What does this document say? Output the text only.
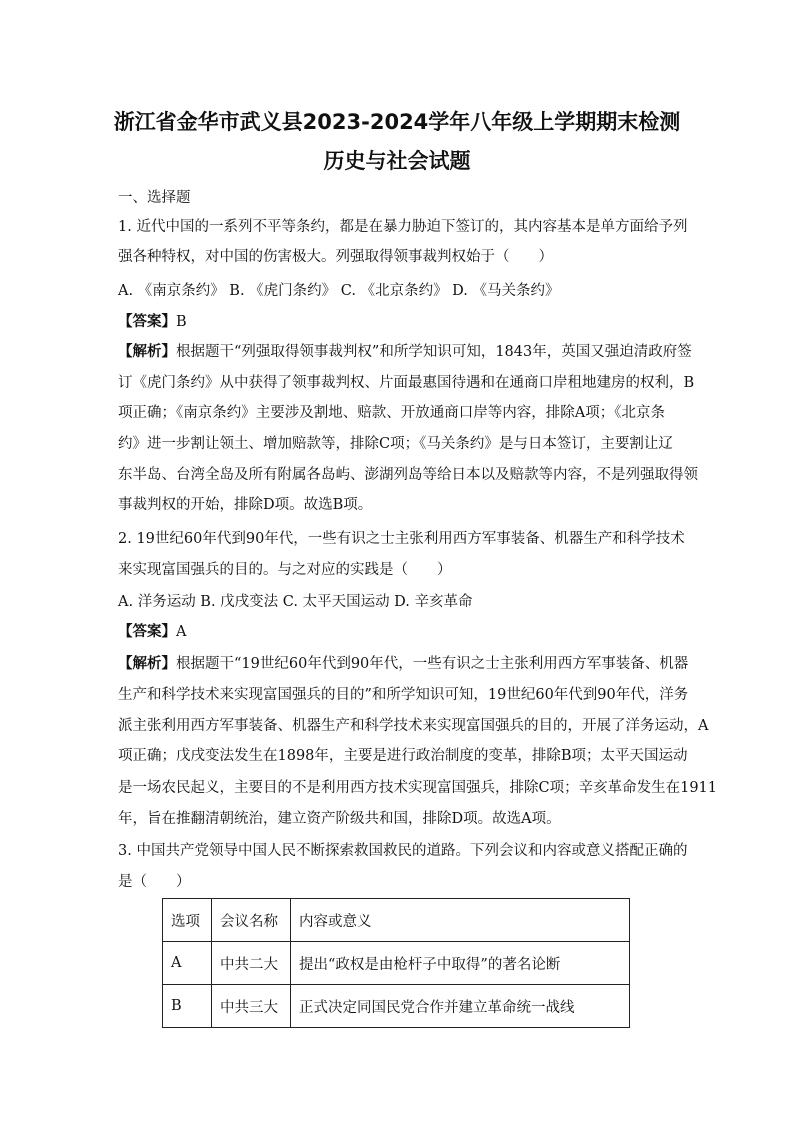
浙江省金华市武义县2023-2024学年八年级上学期期末检测
历史与社会试题
一、选择题
1. 近代中国的一系列不平等条约，都是在暴力胁迫下签订的，其内容基本是单方面给予列
强各种特权，对中国的伤害极大。列强取得领事裁判权始于（　　）
A. 《南京条约》 B. 《虎门条约》 C. 《北京条约》 D. 《马关条约》
【答案】B
【解析】根据题干“列强取得领事裁判权”和所学知识可知，1843年，英国又强迫清政府签
订《虎门条约》从中获得了领事裁判权、片面最惠国待遇和在通商口岸租地建房的权利，B
项正确；《南京条约》主要涉及割地、赔款、开放通商口岸等内容，排除A项；《北京条
约》进一步割让领土、增加赔款等，排除C项；《马关条约》是与日本签订，主要割让辽
东半岛、台湾全岛及所有附属各岛屿、澎湖列岛等给日本以及赔款等内容，不是列强取得领
事裁判权的开始，排除D项。故选B项。
2. 19世纪60年代到90年代，一些有识之士主张利用西方军事装备、机器生产和科学技术
来实现富国强兵的目的。与之对应的实践是（　　）
A. 洋务运动 B. 戊戌变法 C. 太平天国运动 D. 辛亥革命
【答案】A
【解析】根据题干“19世纪60年代到90年代，一些有识之士主张利用西方军事装备、机器
生产和科学技术来实现富国强兵的目的”和所学知识可知，19世纪60年代到90年代，洋务
派主张利用西方军事装备、机器生产和科学技术来实现富国强兵的目的，开展了洋务运动，A
项正确；戊戌变法发生在1898年，主要是进行政治制度的变革，排除B项；太平天国运动
是一场农民起义，主要目的不是利用西方技术实现富国强兵，排除C项；辛亥革命发生在1911
年，旨在推翻清朝统治，建立资产阶级共和国，排除D项。故选A项。
3. 中国共产党领导中国人民不断探索救国救民的道路。下列会议和内容或意义搭配正确的
是（　　）
选项	会议名称	内容或意义
A	中共二大	提出“政权是由枪杆子中取得”的著名论断
B	中共三大	正式决定同国民党合作并建立革命统一战线
